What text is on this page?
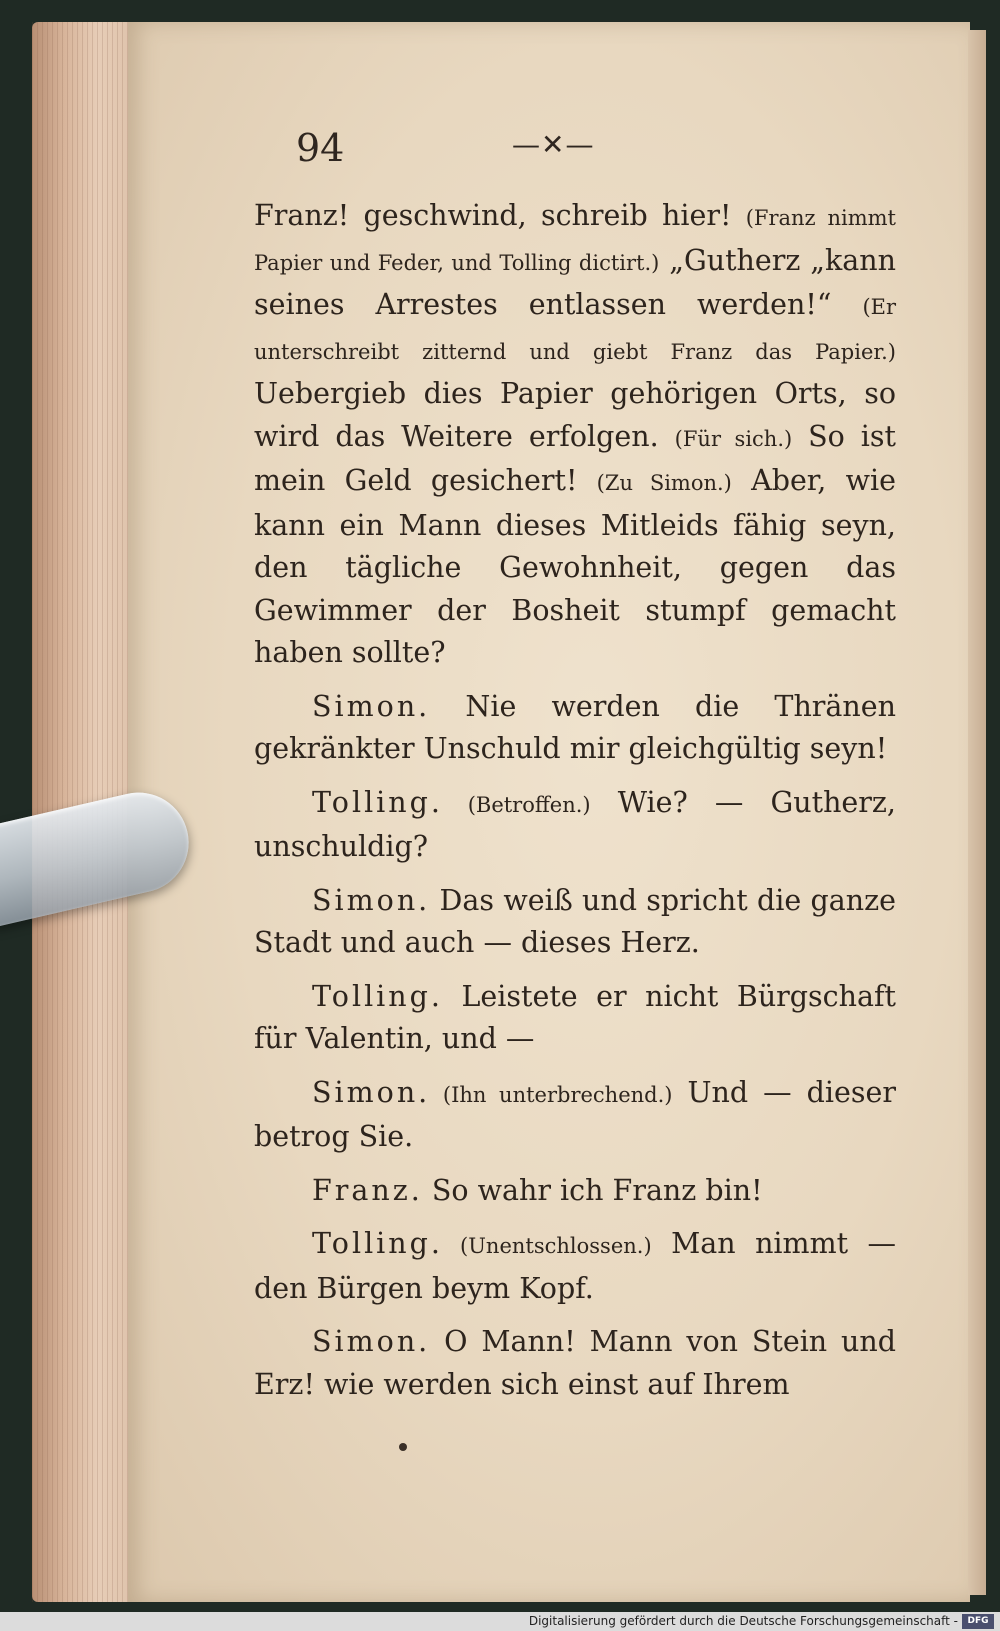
94	—✕—

Franz! geschwind, schreib hier! (Franz nimmt Papier und Feder, und Tolling dictirt.) „Gutherz „kann seines Arrestes entlassen werden!“ (Er unterschreibt zitternd und giebt Franz das Papier.) Uebergieb dies Papier gehörigen Orts, so wird das Weitere erfolgen. (Für sich.) So ist mein Geld gesichert! (Zu Simon.) Aber, wie kann ein Mann dieses Mitleids fähig seyn, den tägliche Gewohnheit, gegen das Gewimmer der Bosheit stumpf gemacht haben sollte?

Simon. Nie werden die Thränen gekränkter Unschuld mir gleichgültig seyn!

Tolling. (Betroffen.) Wie? — Gutherz, unschuldig?

Simon. Das weiß und spricht die ganze Stadt und auch — dieses Herz.

Tolling. Leistete er nicht Bürgschaft für Valentin, und —

Simon. (Ihn unterbrechend.) Und — dieser betrog Sie.

Franz. So wahr ich Franz bin!

Tolling. (Unentschlossen.) Man nimmt — den Bürgen beym Kopf.

Simon. O Mann! Mann von Stein und Erz! wie werden sich einst auf Ihrem

Digitalisierung gefördert durch die Deutsche Forschungsgemeinschaft -	DFG
